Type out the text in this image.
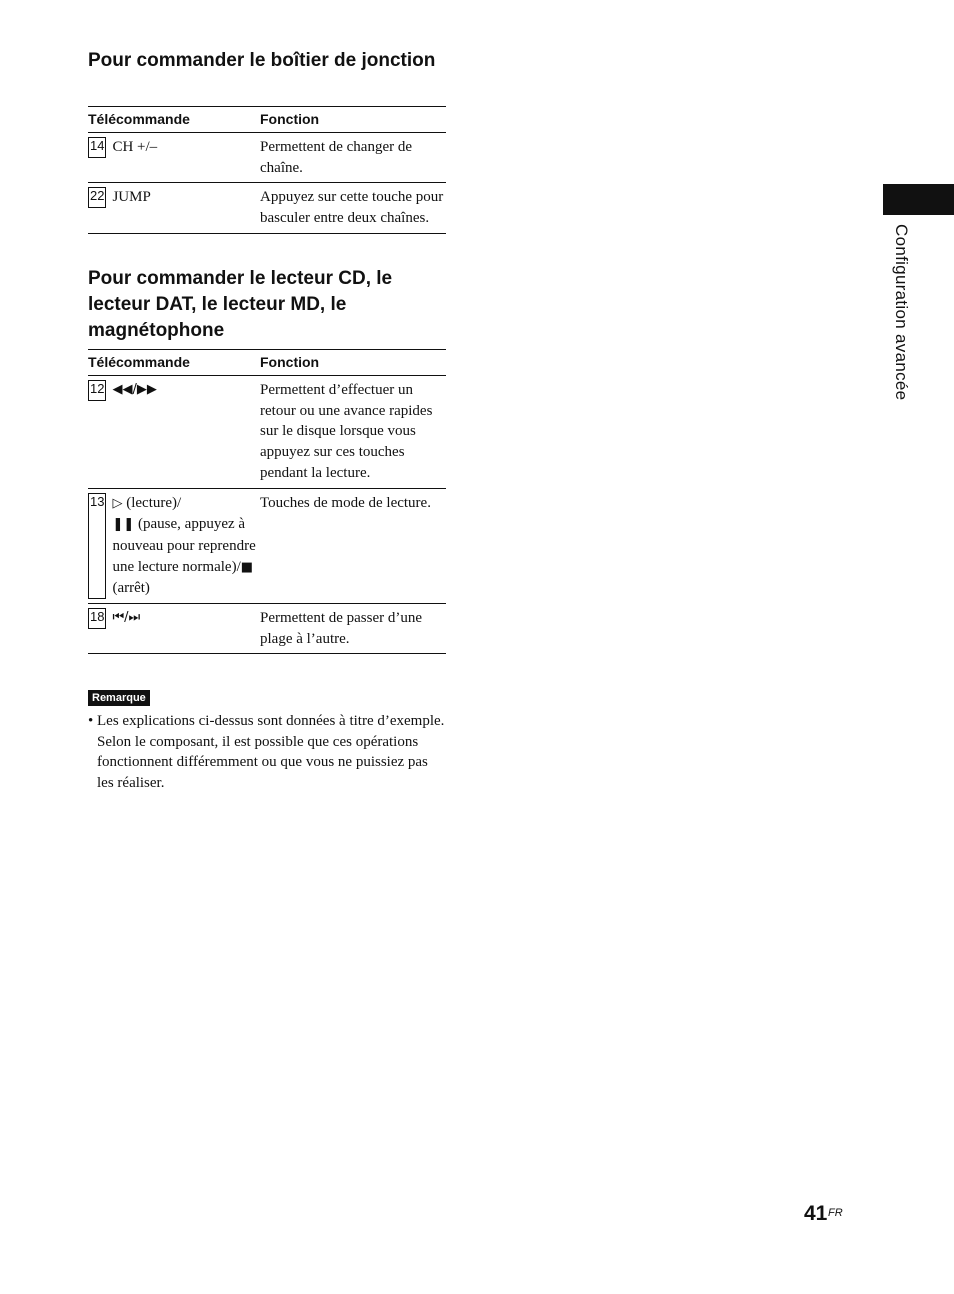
Pour commander le boîtier de jonction
Télécommande	Fonction

14 CH +/–	Permettent de changer de chaîne.

22 JUMP	Appuyez sur cette touche pour basculer entre deux chaînes.
Pour commander le lecteur CD, le lecteur DAT, le lecteur MD, le magnétophone
Télécommande	Fonction

12 ◀◀/▶▶	Permettent d’effectuer un retour ou une avance rapides sur le disque lorsque vous appuyez sur ces touches pendant la lecture.

13 ▷ (lecture)/
❚❚ (pause, appuyez à nouveau pour reprendre une lecture normale)/■ (arrêt)	Touches de mode de lecture.

18 ⏮/⏭	Permettent de passer d’une plage à l’autre.
Remarque
• Les explications ci-dessus sont données à titre d’exemple. Selon le composant, il est possible que ces opérations fonctionnent différemment ou que vous ne puissiez pas les réaliser.
Configuration avancée
41 FR
